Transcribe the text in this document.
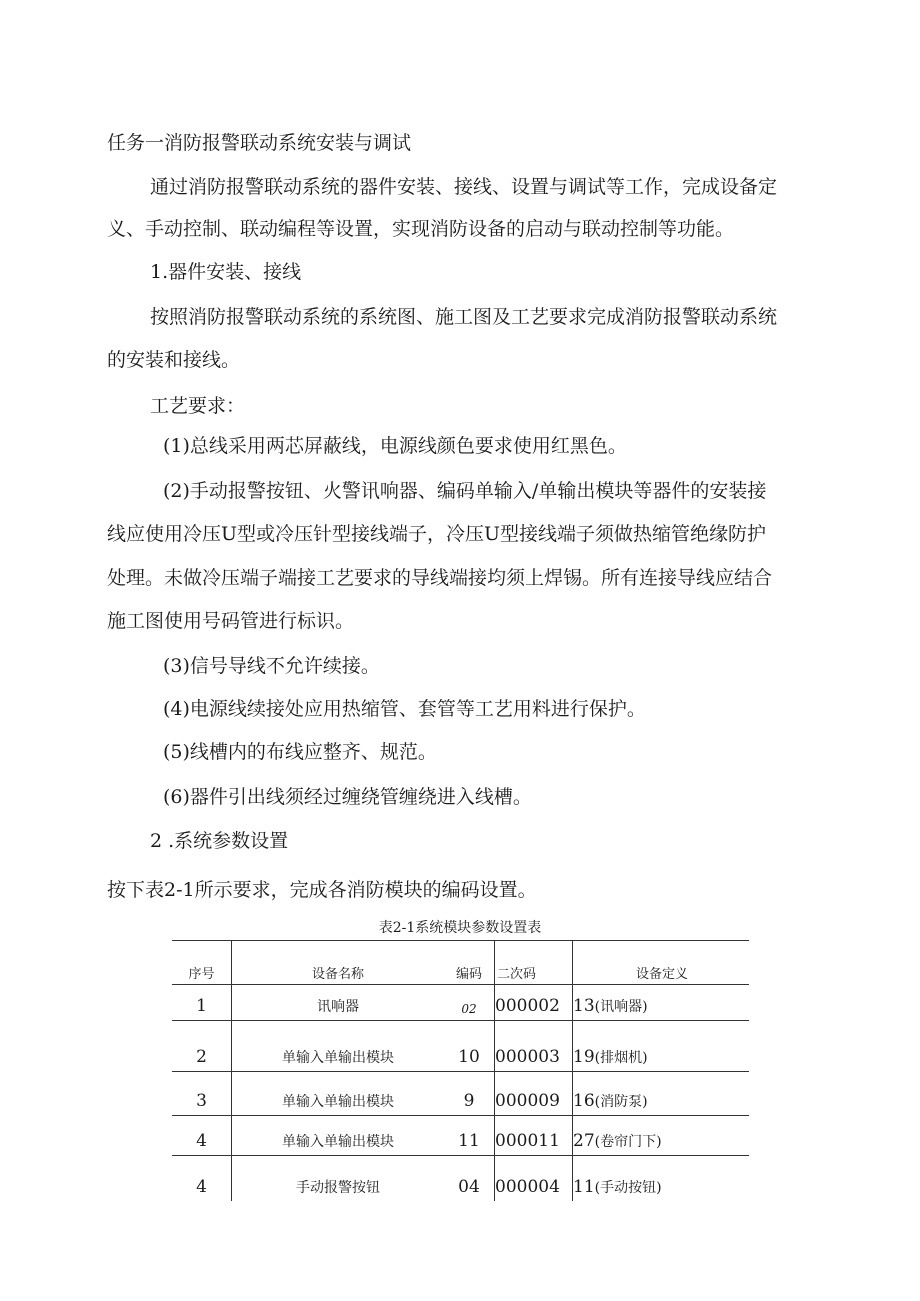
任务一消防报警联动系统安装与调试
通过消防报警联动系统的器件安装、接线、设置与调试等工作，完成设备定
义、手动控制、联动编程等设置，实现消防设备的启动与联动控制等功能。
1.器件安装、接线
按照消防报警联动系统的系统图、施工图及工艺要求完成消防报警联动系统
的安装和接线。
工艺要求：
(1)总线采用两芯屏蔽线，电源线颜色要求使用红黑色。
(2)手动报警按钮、火警讯响器、编码单输入/单输出模块等器件的安装接
线应使用冷压U型或冷压针型接线端子，冷压U型接线端子须做热缩管绝缘防护
处理。未做冷压端子端接工艺要求的导线端接均须上焊锡。所有连接导线应结合
施工图使用号码管进行标识。
(3)信号导线不允许续接。
(4)电源线续接处应用热缩管、套管等工艺用料进行保护。
(5)线槽内的布线应整齐、规范。
(6)器件引出线须经过缠绕管缠绕进入线槽。
2 .系统参数设置
按下表2-1所示要求，完成各消防模块的编码设置。
表2-1系统模块参数设置表
序号	设备名称	编码	二次码	设备定义
1	讯响器	02	000002	13(讯响器)
2	单输入单输出模块	10	000003	19(排烟机)
3	单输入单输出模块	9	000009	16(消防泵)
4	单输入单输出模块	11	000011	27(卷帘门下)
4	手动报警按钮	04	000004	11(手动按钮)
